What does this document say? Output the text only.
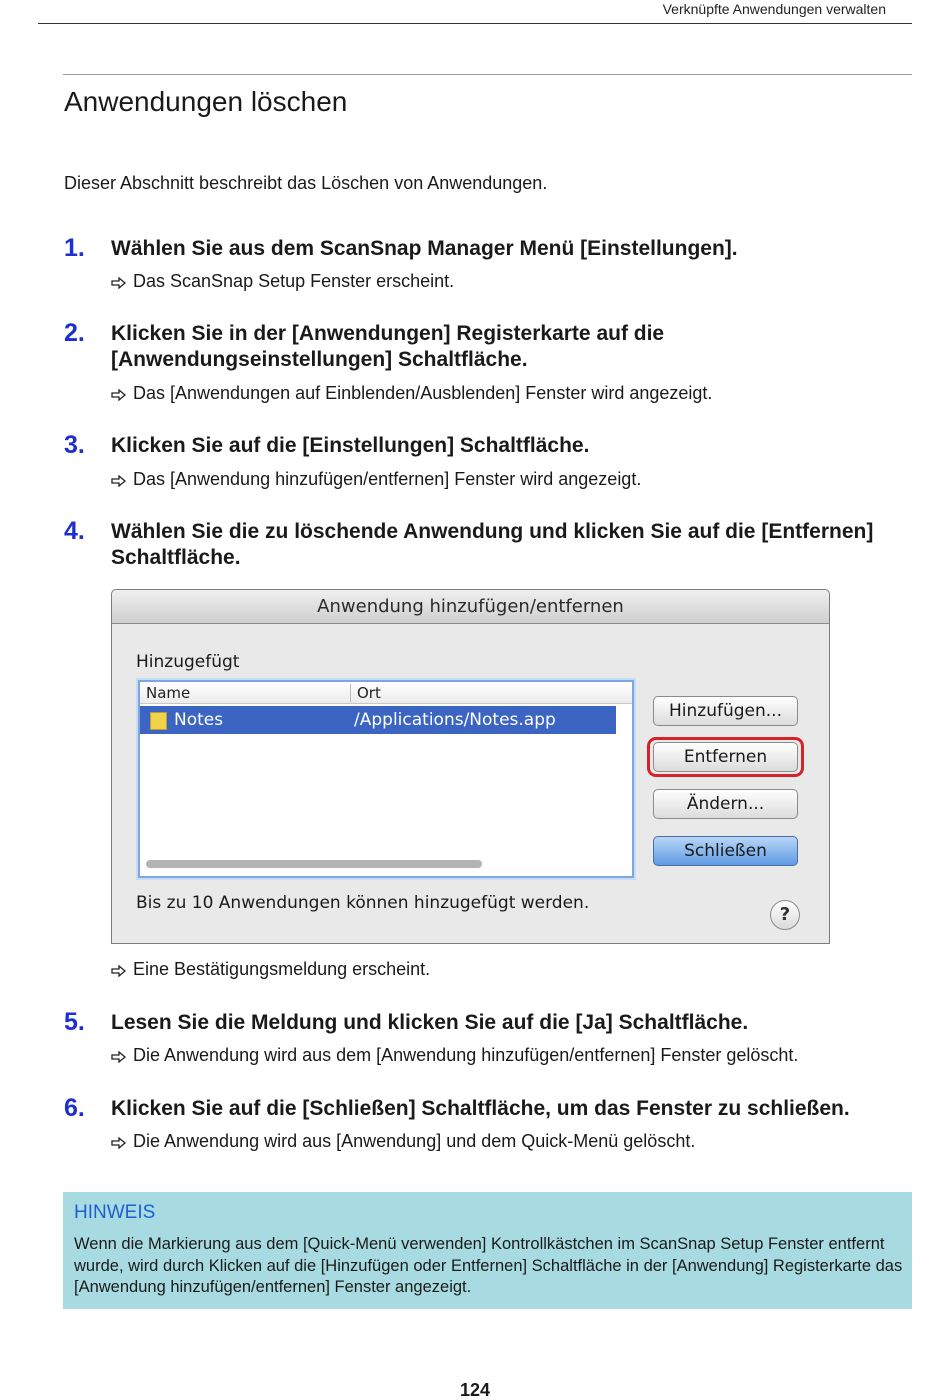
Verknüpfte Anwendungen verwalten
Anwendungen löschen

Dieser Abschnitt beschreibt das Löschen von Anwendungen.

1. Wählen Sie aus dem ScanSnap Manager Menü [Einstellungen].
Das ScanSnap Setup Fenster erscheint.
2. Klicken Sie in der [Anwendungen] Registerkarte auf die [Anwendungseinstellungen] Schaltfläche.
Das [Anwendungen auf Einblenden/Ausblenden] Fenster wird angezeigt.
3. Klicken Sie auf die [Einstellungen] Schaltfläche.
Das [Anwendung hinzufügen/entfernen] Fenster wird angezeigt.
4. Wählen Sie die zu löschende Anwendung und klicken Sie auf die [Entfernen] Schaltfläche.
Anwendung hinzufügen/entfernen
Hinzugefügt
Name	Ort
Notes	/Applications/Notes.app	Hinzufügen...
Entfernen
Ändern...
Schließen
Bis zu 10 Anwendungen können hinzugefügt werden.
?
Eine Bestätigungsmeldung erscheint.
5. Lesen Sie die Meldung und klicken Sie auf die [Ja] Schaltfläche.
Die Anwendung wird aus dem [Anwendung hinzufügen/entfernen] Fenster gelöscht.
6. Klicken Sie auf die [Schließen] Schaltfläche, um das Fenster zu schließen.
Die Anwendung wird aus [Anwendung] und dem Quick-Menü gelöscht.
HINWEIS
Wenn die Markierung aus dem [Quick-Menü verwenden] Kontrollkästchen im ScanSnap Setup Fenster entfernt wurde, wird durch Klicken auf die [Hinzufügen oder Entfernen] Schaltfläche in der [Anwendung] Registerkarte das [Anwendung hinzufügen/entfernen] Fenster angezeigt.
124
